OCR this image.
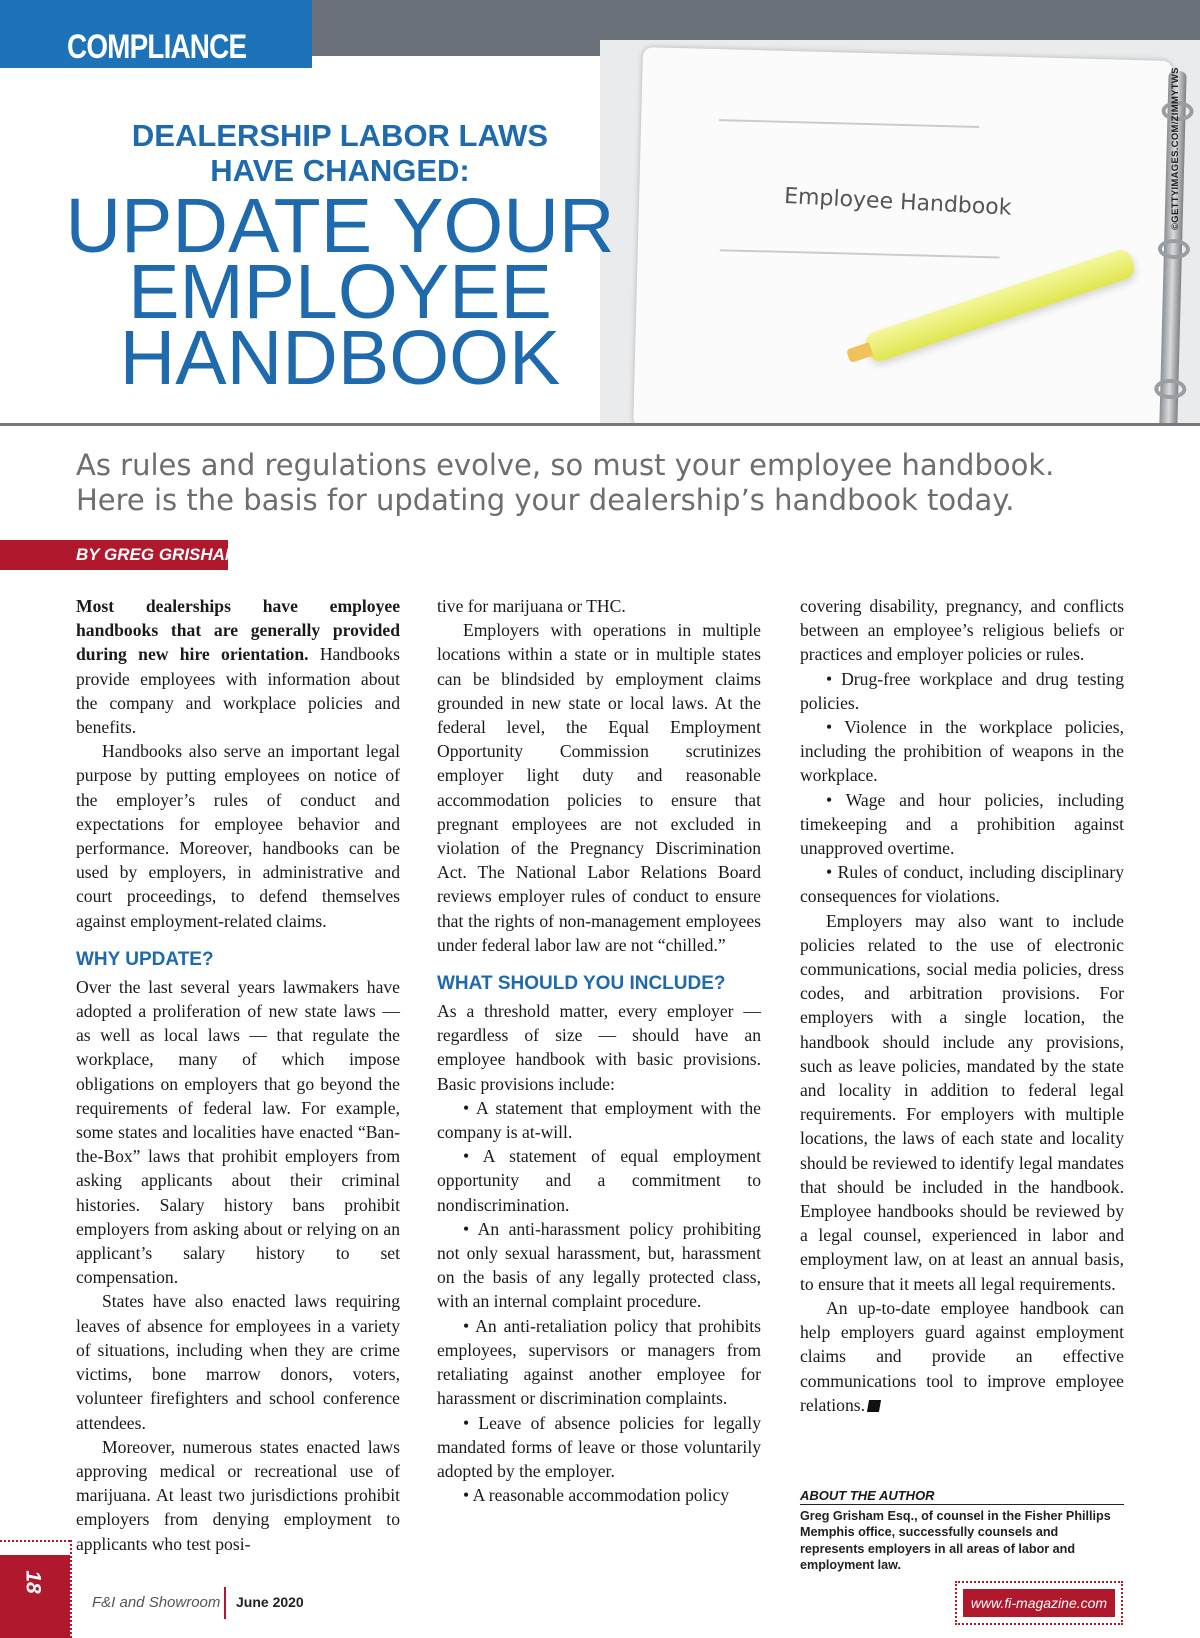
COMPLIANCE
Employee Handbook	©GETTYIMAGES.COM/ZIMMYTWS
DEALERSHIP LABOR LAWS
HAVE CHANGED:
UPDATE YOUR
EMPLOYEE
HANDBOOK
As rules and regulations evolve, so must your employee handbook.
Here is the basis for updating your dealership’s handbook today.
BY GREG GRISHAM

Most dealerships have employee handbooks that are generally provided during new hire orientation. Handbooks provide employees with information about the company and workplace policies and benefits.

Handbooks also serve an important legal purpose by putting employees on notice of the employer’s rules of conduct and expectations for employee behavior and performance. Moreover, handbooks can be used by employers, in administrative and court proceedings, to defend themselves against employment-related claims.

WHY UPDATE?

Over the last several years lawmakers have adopted a proliferation of new state laws — as well as local laws — that regulate the workplace, many of which impose obligations on employers that go beyond the requirements of federal law. For example, some states and localities have enacted “Ban-the-Box” laws that prohibit employers from asking applicants about their criminal histories. Salary history bans prohibit employers from asking about or relying on an applicant’s salary history to set compensation.

States have also enacted laws requiring leaves of absence for employees in a variety of situations, including when they are crime victims, bone marrow donors, voters, volunteer firefighters and school conference attendees.

Moreover, numerous states enacted laws approving medical or recreational use of marijuana. At least two jurisdictions prohibit employers from denying employment to applicants who test posi-

tive for marijuana or THC.

Employers with operations in multiple locations within a state or in multiple states can be blindsided by employment claims grounded in new state or local laws. At the federal level, the Equal Employment Opportunity Commission scrutinizes employer light duty and reasonable accommodation policies to ensure that pregnant employees are not excluded in violation of the Pregnancy Discrimination Act. The National Labor Relations Board reviews employer rules of conduct to ensure that the rights of non-management employees under federal labor law are not “chilled.”

WHAT SHOULD YOU INCLUDE?

As a threshold matter, every employer — regardless of size — should have an employee handbook with basic provisions. Basic provisions include:

• A statement that employment with the company is at-will.

• A statement of equal employment opportunity and a commitment to nondiscrimination.

• An anti-harassment policy prohibiting not only sexual harassment, but, harassment on the basis of any legally protected class, with an internal complaint procedure.

• An anti-retaliation policy that prohibits employees, supervisors or managers from retaliating against another employee for harassment or discrimination complaints.

• Leave of absence policies for legally mandated forms of leave or those voluntarily adopted by the employer.

• A reasonable accommodation policy

covering disability, pregnancy, and conflicts between an employee’s religious beliefs or practices and employer policies or rules.

• Drug-free workplace and drug testing policies.

• Violence in the workplace policies, including the prohibition of weapons in the workplace.

• Wage and hour policies, including timekeeping and a prohibition against unapproved overtime.

• Rules of conduct, including disciplinary consequences for violations.

Employers may also want to include policies related to the use of electronic communications, social media policies, dress codes, and arbitration provisions. For employers with a single location, the handbook should include any provisions, such as leave policies, mandated by the state and locality in addition to federal legal requirements. For employers with multiple locations, the laws of each state and locality should be reviewed to identify legal mandates that should be included in the handbook. Employee handbooks should be reviewed by a legal counsel, experienced in labor and employment law, on at least an annual basis, to ensure that it meets all legal requirements.

An up-to-date employee handbook can help employers guard against employment claims and provide an effective communications tool to improve employee relations.

ABOUT THE AUTHOR
Greg Grisham Esq., of counsel in the Fisher Phillips Memphis office, successfully counsels and represents employers in all areas of labor and employment law.
18
F&I and Showroom June 2020	www.fi-magazine.com
